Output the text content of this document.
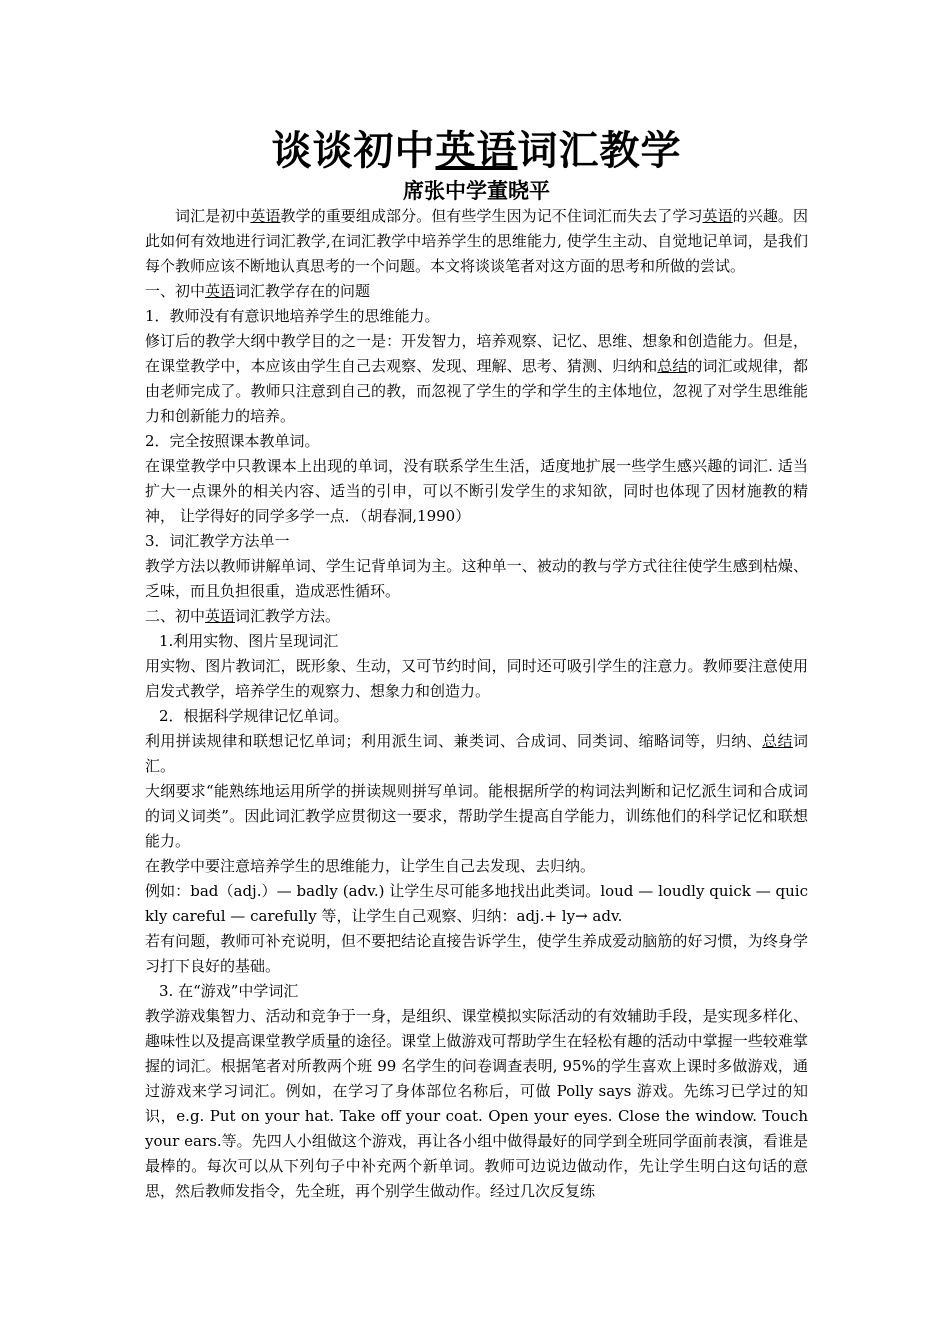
谈谈初中英语词汇教学
席张中学董晓平

词汇是初中英语教学的重要组成部分。但有些学生因为记不住词汇而失去了学习英语的兴趣。因此如何有效地进行词汇教学,在词汇教学中培养学生的思维能力, 使学生主动、自觉地记单词，是我们每个教师应该不断地认真思考的一个问题。本文将谈谈笔者对这方面的思考和所做的尝试。

一、初中英语词汇教学存在的问题

1．教师没有有意识地培养学生的思维能力。

修订后的教学大纲中教学目的之一是：开发智力，培养观察、记忆、思维、想象和创造能力。但是，在课堂教学中，本应该由学生自己去观察、发现、理解、思考、猜测、归纳和总结的词汇或规律，都由老师完成了。教师只注意到自己的教，而忽视了学生的学和学生的主体地位，忽视了对学生思维能力和创新能力的培养。

2．完全按照课本教单词。

在课堂教学中只教课本上出现的单词，没有联系学生生活，适度地扩展一些学生感兴趣的词汇. 适当扩大一点课外的相关内容、适当的引申，可以不断引发学生的求知欲，同时也体现了因材施教的精神， 让学得好的同学多学一点．（胡春洞,1990）

3．词汇教学方法单一

教学方法以教师讲解单词、学生记背单词为主。这种单一、被动的教与学方式往往使学生感到枯燥、乏味，而且负担很重，造成恶性循环。

二、初中英语词汇教学方法。

1.利用实物、图片呈现词汇

用实物、图片教词汇，既形象、生动，又可节约时间，同时还可吸引学生的注意力。教师要注意使用启发式教学，培养学生的观察力、想象力和创造力。

2．根据科学规律记忆单词。

利用拼读规律和联想记忆单词；利用派生词、兼类词、合成词、同类词、缩略词等，归纳、总结词汇。

大纲要求“能熟练地运用所学的拼读规则拼写单词。能根据所学的构词法判断和记忆派生词和合成词的词义词类”。因此词汇教学应贯彻这一要求，帮助学生提高自学能力，训练他们的科学记忆和联想能力。

在教学中要注意培养学生的思维能力，让学生自己去发现、去归纳。

例如：bad（adj.）— badly (adv.) 让学生尽可能多地找出此类词。loud — loudly quick — quickly careful — carefully 等，让学生自己观察、归纳：adj.+ ly→ adv.

若有问题，教师可补充说明，但不要把结论直接告诉学生，使学生养成爱动脑筋的好习惯，为终身学习打下良好的基础。

3. 在“游戏”中学词汇

教学游戏集智力、活动和竞争于一身，是组织、课堂模拟实际活动的有效辅助手段，是实现多样化、趣味性以及提高课堂教学质量的途径。课堂上做游戏可帮助学生在轻松有趣的活动中掌握一些较难掌握的词汇。根据笔者对所教两个班 99 名学生的问卷调查表明, 95%的学生喜欢上课时多做游戏，通过游戏来学习词汇。例如，在学习了身体部位名称后，可做 Polly says 游戏。先练习已学过的知识，e.g. Put on your hat. Take off your coat. Open your eyes. Close the window. Touch your ears.等。先四人小组做这个游戏，再让各小组中做得最好的同学到全班同学面前表演，看谁是最棒的。每次可以从下列句子中补充两个新单词。教师可边说边做动作，先让学生明白这句话的意思，然后教师发指令，先全班，再个别学生做动作。经过几次反复练
